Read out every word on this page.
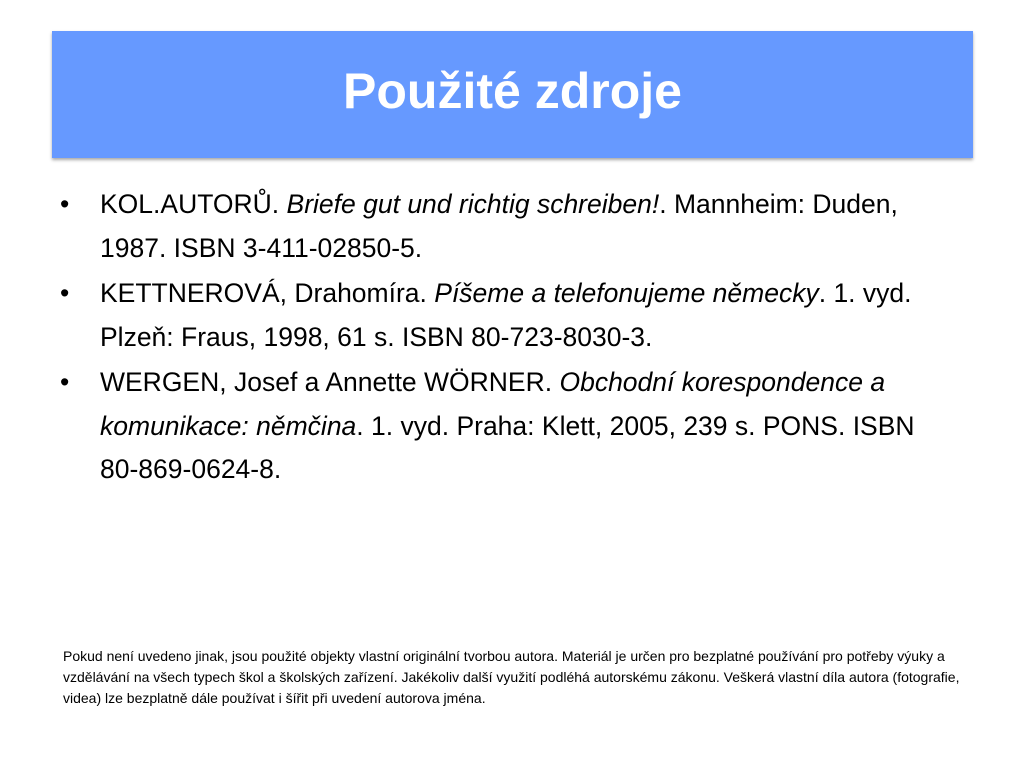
Použité zdroje
•	KOL.AUTORŮ. Briefe gut und richtig schreiben!. Mannheim: Duden, 1987. ISBN 3-411-02850-5.
•	KETTNEROVÁ, Drahomíra. Píšeme a telefonujeme německy. 1. vyd. Plzeň: Fraus, 1998, 61 s. ISBN 80-723-8030-3.
•	WERGEN, Josef a Annette WÖRNER. Obchodní korespondence a komunikace: němčina. 1. vyd. Praha: Klett, 2005, 239 s. PONS. ISBN 80-869-0624-8.
Pokud není uvedeno jinak, jsou použité objekty vlastní originální tvorbou autora. Materiál je určen pro bezplatné používání pro potřeby výuky a vzdělávání na všech typech škol a školských zařízení. Jakékoliv další využití podléhá autorskému zákonu. Veškerá vlastní díla autora (fotografie, videa) lze bezplatně dále používat i šířit při uvedení autorova jména.
